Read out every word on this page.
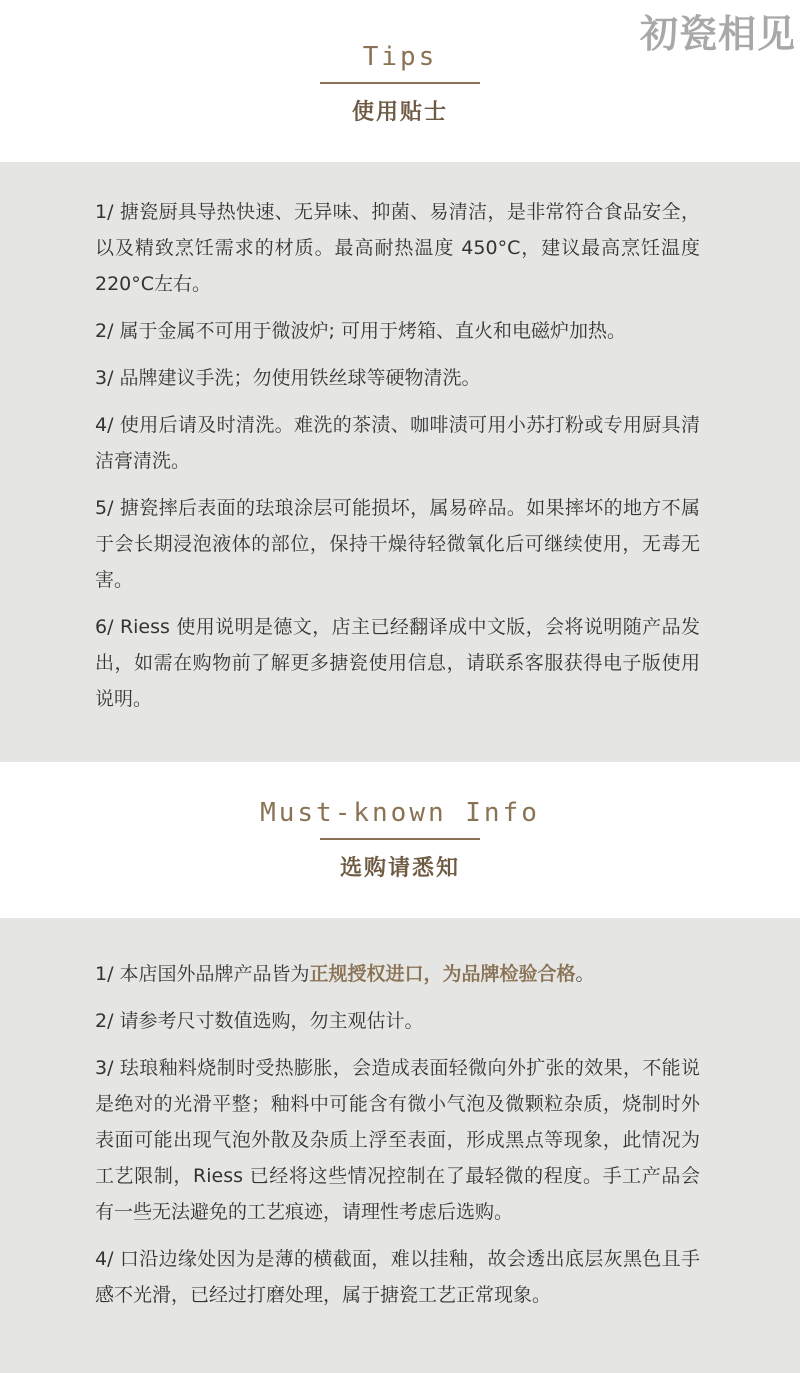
初瓷相见
Tips
使用贴士

1/ 搪瓷厨具导热快速、无异味、抑菌、易清洁，是非常符合食品安全，以及精致烹饪需求的材质。最高耐热温度 450°C，建议最高烹饪温度 220°C左右。

2/ 属于金属不可用于微波炉; 可用于烤箱、直火和电磁炉加热。

3/ 品牌建议手洗；勿使用铁丝球等硬物清洗。

4/ 使用后请及时清洗。难洗的茶渍、咖啡渍可用小苏打粉或专用厨具清洁膏清洗。

5/ 搪瓷摔后表面的珐琅涂层可能损坏，属易碎品。如果摔坏的地方不属于会长期浸泡液体的部位，保持干燥待轻微氧化后可继续使用，无毒无害。

6/ Riess 使用说明是德文，店主已经翻译成中文版，会将说明随产品发出，如需在购物前了解更多搪瓷使用信息，请联系客服获得电子版使用说明。

Must-known Info
选购请悉知

1/ 本店国外品牌产品皆为正规授权进口，为品牌检验合格。

2/ 请参考尺寸数值选购，勿主观估计。

3/ 珐琅釉料烧制时受热膨胀，会造成表面轻微向外扩张的效果，不能说是绝对的光滑平整；釉料中可能含有微小气泡及微颗粒杂质，烧制时外表面可能出现气泡外散及杂质上浮至表面，形成黑点等现象，此情况为工艺限制，Riess 已经将这些情况控制在了最轻微的程度。手工产品会有一些无法避免的工艺痕迹，请理性考虑后选购。

4/ 口沿边缘处因为是薄的横截面，难以挂釉，故会透出底层灰黑色且手感不光滑，已经过打磨处理，属于搪瓷工艺正常现象。
